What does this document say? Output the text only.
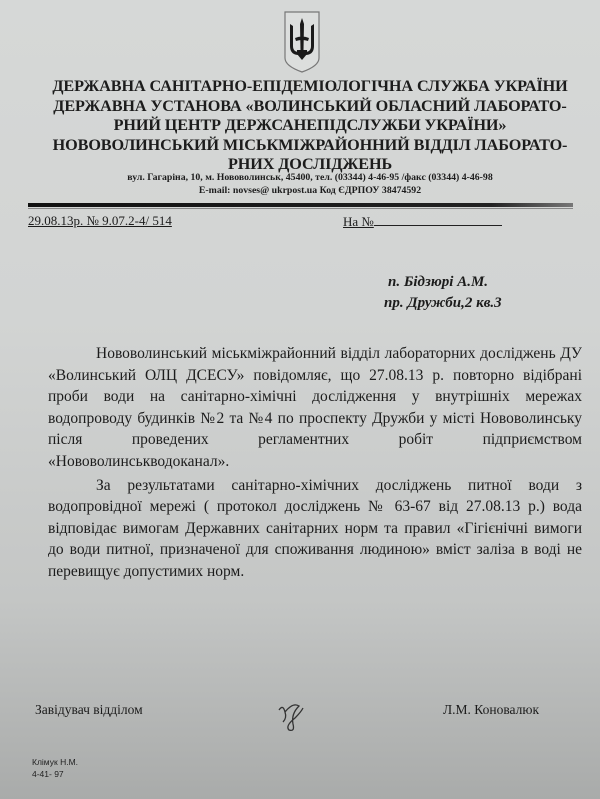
ДЕРЖАВНА САНІТАРНО-ЕПІДЕМІОЛОГІЧНА СЛУЖБА УКРАЇНИ
ДЕРЖАВНА УСТАНОВА «ВОЛИНСЬКИЙ ОБЛАСНИЙ ЛАБОРАТО-
РНИЙ ЦЕНТР ДЕРЖСАНЕПІДСЛУЖБИ УКРАЇНИ»
НОВОВОЛИНСЬКИЙ МІСЬКМІЖРАЙОННИЙ ВІДДІЛ ЛАБОРАТО-
РНИХ ДОСЛІДЖЕНЬ
вул. Гагаріна, 10, м. Нововолинськ, 45400, тел. (03344) 4-46-95 /факс (03344) 4-46-98
E-mail: novses@ ukrpost.ua Код ЄДРПОУ 38474592
29.08.13р. № 9.07.2-4/ 514	На №
п. Бідзюрі А.М.
пр. Дружби,2 кв.3

Нововолинський міськміжрайонний відділ лабораторних досліджень ДУ «Волинський ОЛЦ ДСЕСУ» повідомляє, що 27.08.13 р. повторно відібрані проби води на санітарно-хімічні дослідження у внутрішніх мережах водопроводу будинків №2 та №4 по проспекту Дружби у місті Нововолинську після проведених регламентних робіт підприємством «Нововолинськводоканал».

За результатами санітарно-хімічних досліджень питної води з водопровідної мережі ( протокол досліджень № 63-67 від 27.08.13 р.) вода відповідає вимогам Державних санітарних норм та правил «Гігієнічні вимоги до води питної, призначеної для споживання людиною» вміст заліза в воді не перевищує допустимих норм.

Завідувач відділом	Л.М. Коновалюк
Клімук Н.М.
4-41- 97
